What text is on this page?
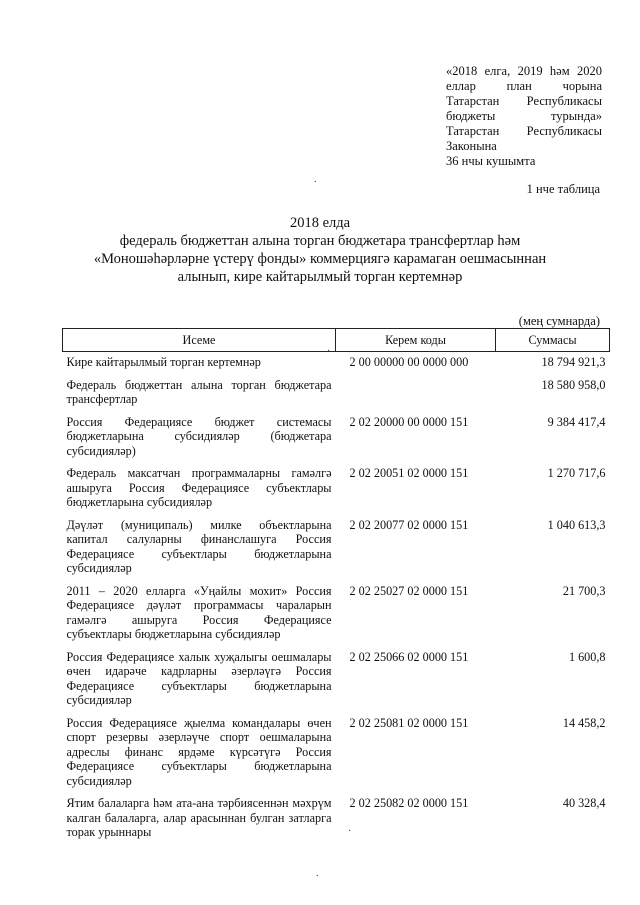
«2018 елга, 2019 һәм 2020
еллар план чорына
Татарстан Республикасы
бюджеты турында»
Татарстан Республикасы
Законына
36 нчы кушымта
1 нче таблица
2018 елда
федераль бюджеттан алына торган бюджетара трансфертлар һәм
«Моношәһәрләрне үстерү фонды» коммерциягә карамаган оешмасыннан
алынып, кире кайтарылмый торган кертемнәр
(мең сумнарда)
Исеме	Керем коды	Суммасы

Кире кайтарылмый торган кертемнәр	2 00 00000 00 0000 000	18 794 921,3

Федераль бюджеттан алына торган бюджетара трансфертлар		18 580 958,0

Россия Федерациясе бюджет системасы бюджетларына субсидияләр (бюджетара субсидияләр)	2 02 20000 00 0000 151	9 384 417,4

Федераль максатчан программаларны гамәлгә ашыруга Россия Федерациясе субъектлары бюджетларына субсидияләр	2 02 20051 02 0000 151	1 270 717,6

Дәүләт (муниципаль) милке объектларына капитал салуларны финанслашуга Россия Федерациясе субъектлары бюджетларына субсидияләр	2 02 20077 02 0000 151	1 040 613,3

2011 – 2020 елларга «Уңайлы мохит» Россия Федерациясе дәүләт программасы чараларын гамәлгә ашыруга Россия Федерациясе субъектлары бюджетларына субсидияләр	2 02 25027 02 0000 151	21 700,3

Россия Федерациясе халык хуҗалыгы оешмалары өчен идарәче кадрларны әзерләүгә Россия Федерациясе субъектлары бюджетларына субсидияләр	2 02 25066 02 0000 151	1 600,8

Россия Федерациясе җыелма командалары өчен спорт резервы әзерләүче спорт оешмаларына адреслы финанс ярдәме күрсәтүгә Россия Федерациясе субъектлары бюджетларына субсидияләр	2 02 25081 02 0000 151	14 458,2

Ятим балаларга һәм ата-ана тәрбиясеннән мәхрүм калган балаларга, алар арасыннан булган затларга торак урыннары	2 02 25082 02 0000 151	40 328,4
.
·
·
.
